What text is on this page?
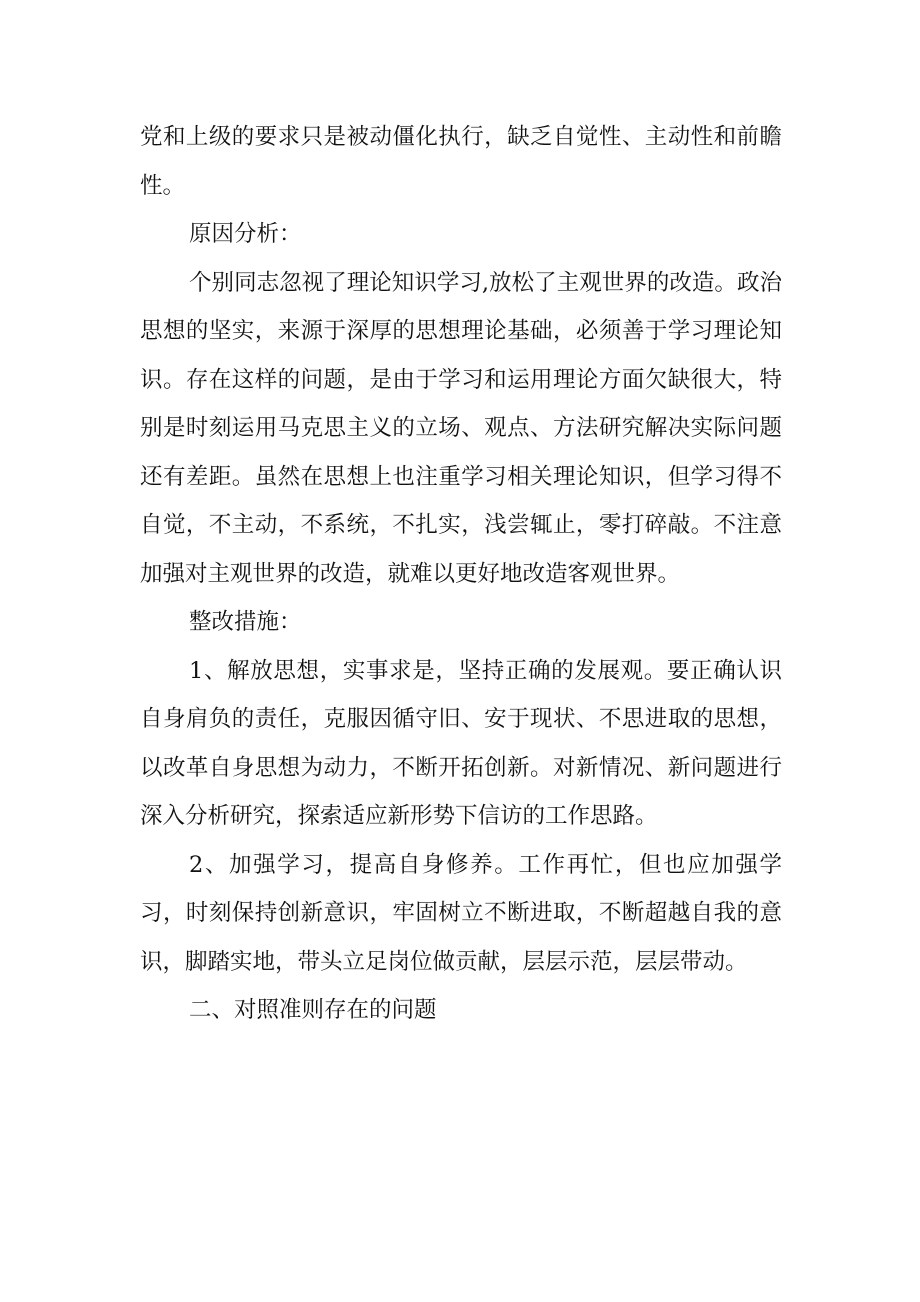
党和上级的要求只是被动僵化执行，缺乏自觉性、主动性和前瞻性。

原因分析：

个别同志忽视了理论知识学习,放松了主观世界的改造。政治思想的坚实，来源于深厚的思想理论基础，必须善于学习理论知识。存在这样的问题，是由于学习和运用理论方面欠缺很大，特别是时刻运用马克思主义的立场、观点、方法研究解决实际问题还有差距。虽然在思想上也注重学习相关理论知识，但学习得不自觉，不主动，不系统，不扎实，浅尝辄止，零打碎敲。不注意加强对主观世界的改造，就难以更好地改造客观世界。

整改措施：

1、解放思想，实事求是，坚持正确的发展观。要正确认识自身肩负的责任，克服因循守旧、安于现状、不思进取的思想，以改革自身思想为动力，不断开拓创新。对新情况、新问题进行深入分析研究，探索适应新形势下信访的工作思路。

2、加强学习，提高自身修养。工作再忙，但也应加强学习，时刻保持创新意识，牢固树立不断进取，不断超越自我的意识，脚踏实地，带头立足岗位做贡献，层层示范，层层带动。

二、对照准则存在的问题
